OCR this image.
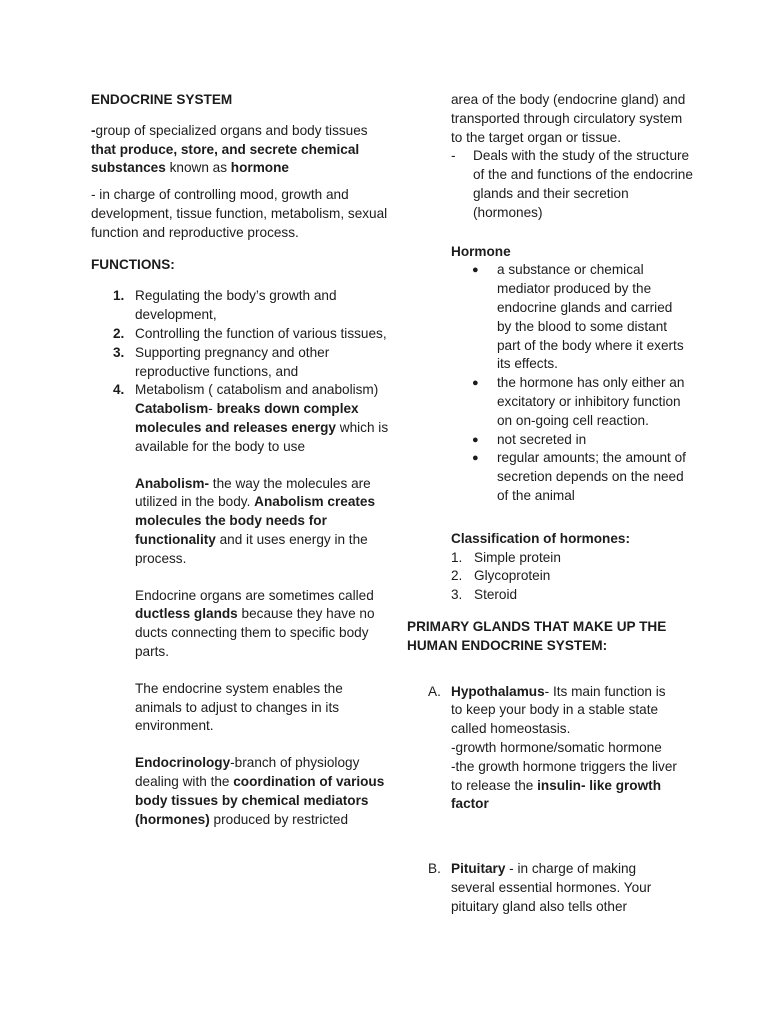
ENDOCRINE SYSTEM

-group of specialized organs and body tissues that produce, store, and secrete chemical substances known as hormone

- in charge of controlling mood, growth and development, tissue function, metabolism, sexual function and reproductive process.

FUNCTIONS:

1. Regulating the body’s growth and development,
2. Controlling the function of various tissues,
3. Supporting pregnancy and other reproductive functions, and
4. Metabolism ( catabolism and anabolism)

Catabolism- breaks down complex molecules and releases energy which is available for the body to use

Anabolism- the way the molecules are utilized in the body. Anabolism creates molecules the body needs for functionality and it uses energy in the process.

Endocrine organs are sometimes called ductless glands because they have no ducts connecting them to specific body parts.

The endocrine system enables the animals to adjust to changes in its environment.

Endocrinology-branch of physiology dealing with the coordination of various body tissues by chemical mediators (hormones) produced by restricted

area of the body (endocrine gland) and transported through circulatory system to the target organ or tissue.

-	Deals with the study of the structure of the and functions of the endocrine glands and their secretion (hormones)

Hormone

●	a substance or chemical mediator produced by the endocrine glands and carried by the blood to some distant part of the body where it exerts its effects.
●	the hormone has only either an excitatory or inhibitory function on on-going cell reaction.
●	not secreted in
●	regular amounts; the amount of secretion depends on the need of the animal

Classification of hormones:

1. Simple protein
2. Glycoprotein
3. Steroid

PRIMARY GLANDS THAT MAKE UP THE HUMAN ENDOCRINE SYSTEM:

A. Hypothalamus- Its main function is to keep your body in a stable state called homeostasis.

-growth hormone/somatic hormone

-the growth hormone triggers the liver to release the insulin- like growth factor

B. Pituitary - in charge of making several essential hormones. Your pituitary gland also tells other
